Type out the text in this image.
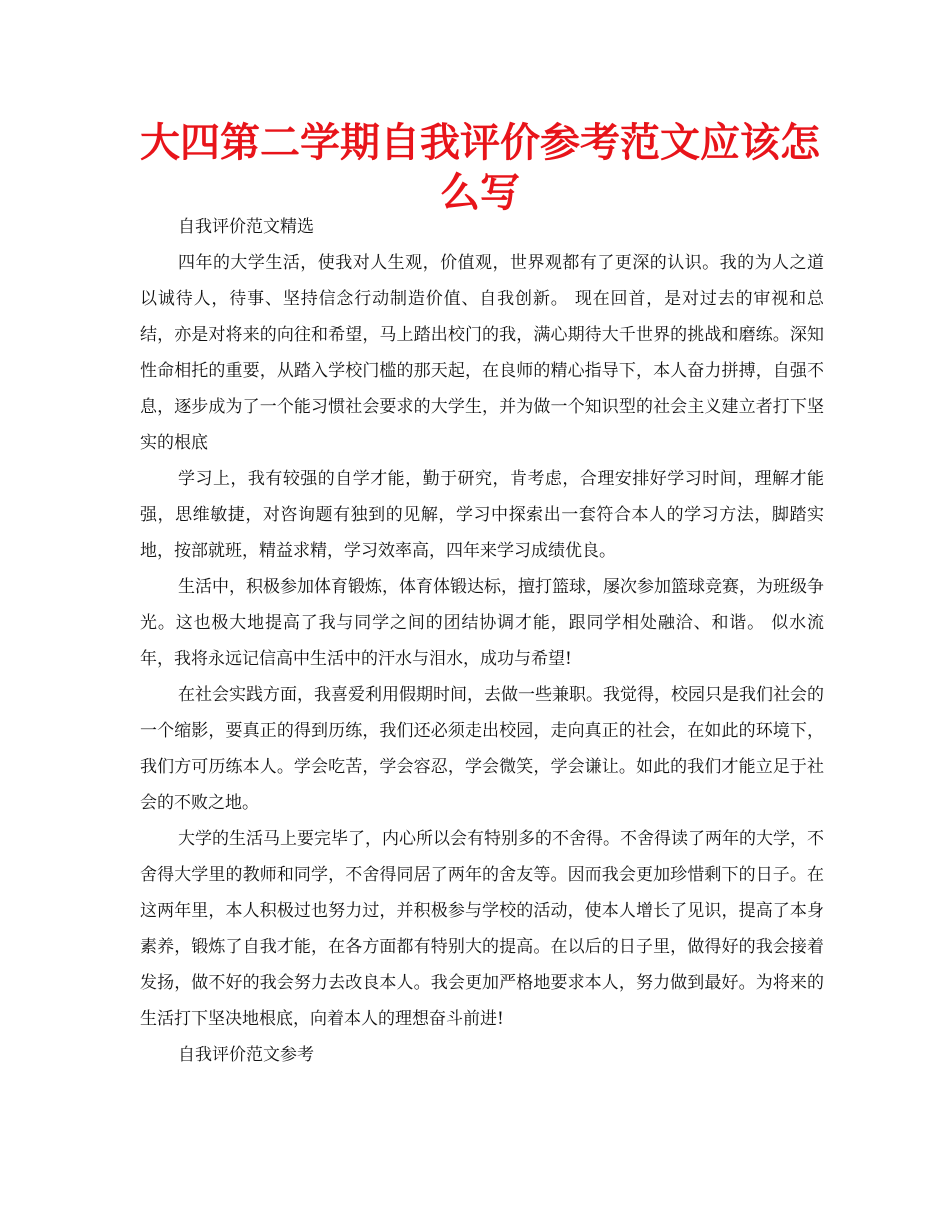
大四第二学期自我评价参考范文应该怎么写

自我评价范文精选

四年的大学生活，使我对人生观，价值观，世界观都有了更深的认识。我的为人之道 以诚待人，待事、坚持信念行动制造价值、自我创新。 现在回首，是对过去的审视和总结，亦是对将来的向往和希望，马上踏出校门的我，满心期待大千世界的挑战和磨练。深知性命相托的重要，从踏入学校门槛的那天起，在良师的精心指导下，本人奋力拼搏，自强不息，逐步成为了一个能习惯社会要求的大学生，并为做一个知识型的社会主义建立者打下坚实的根底

学习上，我有较强的自学才能，勤于研究，肯考虑，合理安排好学习时间，理解才能强，思维敏捷，对咨询题有独到的见解，学习中探索出一套符合本人的学习方法，脚踏实地，按部就班，精益求精，学习效率高，四年来学习成绩优良。

生活中，积极参加体育锻炼，体育体锻达标，擅打篮球，屡次参加篮球竞赛，为班级争光。这也极大地提高了我与同学之间的团结协调才能，跟同学相处融洽、和谐。 似水流年，我将永远记信高中生活中的汗水与泪水，成功与希望!

在社会实践方面，我喜爱利用假期时间，去做一些兼职。我觉得，校园只是我们社会的一个缩影，要真正的得到历练，我们还必须走出校园，走向真正的社会，在如此的环境下，我们方可历练本人。学会吃苦，学会容忍，学会微笑，学会谦让。如此的我们才能立足于社会的不败之地。

大学的生活马上要完毕了，内心所以会有特别多的不舍得。不舍得读了两年的大学，不舍得大学里的教师和同学，不舍得同居了两年的舍友等。因而我会更加珍惜剩下的日子。在这两年里，本人积极过也努力过，并积极参与学校的活动，使本人增长了见识，提高了本身素养，锻炼了自我才能，在各方面都有特别大的提高。在以后的日子里，做得好的我会接着发扬，做不好的我会努力去改良本人。我会更加严格地要求本人，努力做到最好。为将来的生活打下坚决地根底，向着本人的理想奋斗前进!

自我评价范文参考
